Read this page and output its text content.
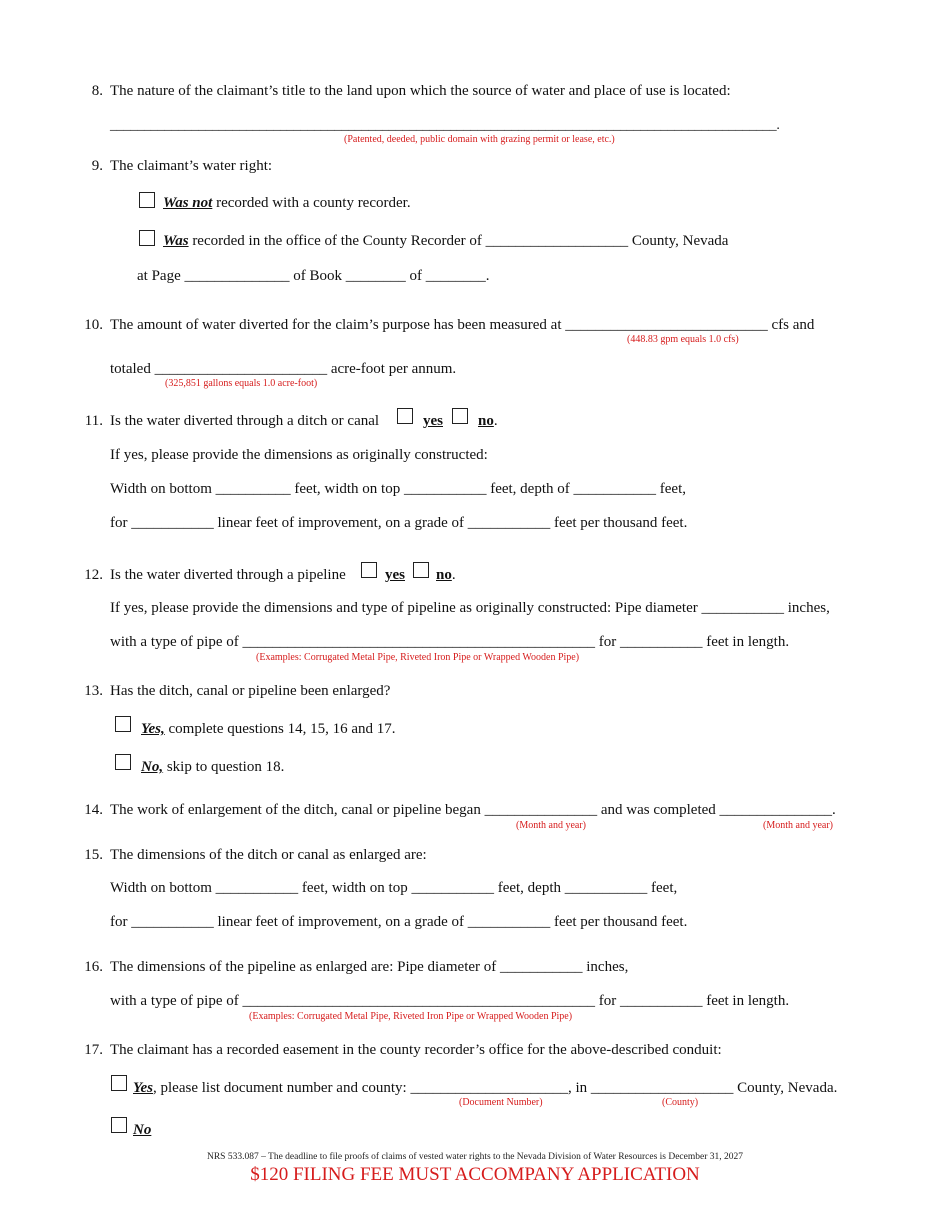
8. The nature of the claimant’s title to the land upon which the source of water and place of use is located:
__________________________________________________________________________________________________.
(Patented, deeded, public domain with grazing permit or lease, etc.)
9. The claimant’s water right:
Was not recorded with a county recorder.
Was recorded in the office of the County Recorder of ___________________ County, Nevada
at Page ______________ of Book ________ of ________.
10. The amount of water diverted for the claim’s purpose has been measured at ___________________________ cfs and
(448.83 gpm equals 1.0 cfs)
totaled _______________________ acre-foot per annum.
(325,851 gallons equals 1.0 acre-foot)
11. Is the water diverted through a ditch or canal	yes no.
If yes, please provide the dimensions as originally constructed:
Width on bottom __________ feet, width on top ___________ feet, depth of ___________ feet,
for ___________ linear feet of improvement, on a grade of ___________ feet per thousand feet.
12. Is the water diverted through a pipeline	yes no.
If yes, please provide the dimensions and type of pipeline as originally constructed: Pipe diameter ___________ inches,
with a type of pipe of _______________________________________________ for ___________ feet in length.
(Examples: Corrugated Metal Pipe, Riveted Iron Pipe or Wrapped Wooden Pipe)
13. Has the ditch, canal or pipeline been enlarged?
Yes, complete questions 14, 15, 16 and 17.
No, skip to question 18.
14. The work of enlargement of the ditch, canal or pipeline began _______________ and was completed _______________.
(Month and year)	(Month and year)
15. The dimensions of the ditch or canal as enlarged are:
Width on bottom ___________ feet, width on top ___________ feet, depth ___________ feet,
for ___________ linear feet of improvement, on a grade of ___________ feet per thousand feet.
16. The dimensions of the pipeline as enlarged are: Pipe diameter of ___________ inches,
with a type of pipe of _______________________________________________ for ___________ feet in length.
(Examples: Corrugated Metal Pipe, Riveted Iron Pipe or Wrapped Wooden Pipe)
17. The claimant has a recorded easement in the county recorder’s office for the above-described conduit:
Yes, please list document number and county: _____________________, in ___________________ County, Nevada.
(Document Number)	(County)
No
NRS 533.087 – The deadline to file proofs of claims of vested water rights to the Nevada Division of Water Resources is December 31, 2027
$120 FILING FEE MUST ACCOMPANY APPLICATION
